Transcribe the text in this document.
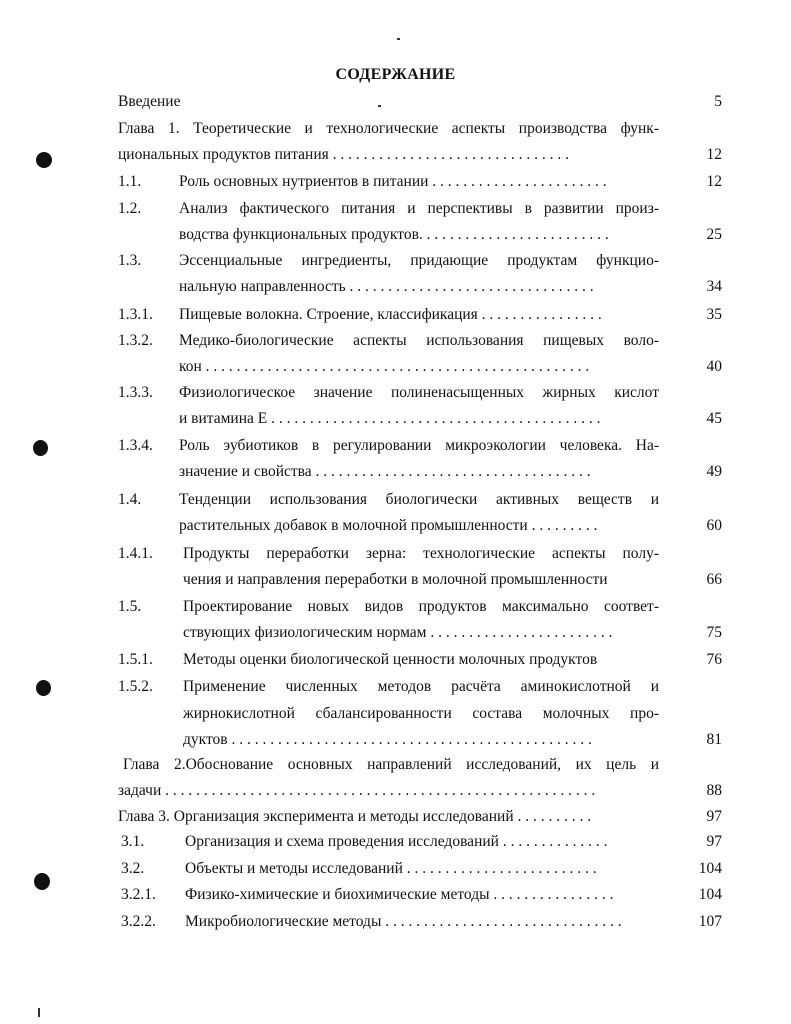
СОДЕРЖАНИЕ
Введение	5
Глава 1. Теоретические и технологические аспекты производства функ-
циональных продуктов питания . . . . . . . . . . . . . . . . . . . . . . . . . . . . . . .	12
1.1. Роль основных нутриентов в питании . . . . . . . . . . . . . . . . . . . . . . .	12
1.2. Анализ фактического питания и перспективы в развитии произ-
водства функциональных продуктов. . . . . . . . . . . . . . . . . . . . . . . . .	25
1.3. Эссенциальные ингредиенты, придающие продуктам функцио-
нальную направленность . . . . . . . . . . . . . . . . . . . . . . . . . . . . . . . .	34
1.3.1. Пищевые волокна. Строение, классификация . . . . . . . . . . . . . . . .	35
1.3.2. Медико-биологические аспекты использования пищевых воло-
кон . . . . . . . . . . . . . . . . . . . . . . . . . . . . . . . . . . . . . . . . . . . . . . . . . .	40
1.3.3. Физиологическое значение полиненасыщенных жирных кислот
и витамина Е . . . . . . . . . . . . . . . . . . . . . . . . . . . . . . . . . . . . . . . . . . .	45
1.3.4. Роль эубиотиков в регулировании микроэкологии человека. На-
значение и свойства . . . . . . . . . . . . . . . . . . . . . . . . . . . . . . . . . . . .	49
1.4. Тенденции использования биологически активных веществ и
растительных добавок в молочной промышленности . . . . . . . . .	60
1.4.1. Продукты переработки зерна: технологические аспекты полу-
чения и направления переработки в молочной промышленности	66
1.5.	Проектирование новых видов продуктов максимально соответ-
ствующих физиологическим нормам . . . . . . . . . . . . . . . . . . . . . . . .	75
1.5.1. Методы оценки биологической ценности молочных продуктов	76
1.5.2. Применение численных методов расчёта аминокислотной и
жирнокислотной сбалансированности состава молочных про-
дуктов . . . . . . . . . . . . . . . . . . . . . . . . . . . . . . . . . . . . . . . . . . . . . . .	81
Глава 2.Обоснование основных направлений исследований, их цель и
задачи . . . . . . . . . . . . . . . . . . . . . . . . . . . . . . . . . . . . . . . . . . . . . . . . . . . . . . . .	88
Глава 3. Организация эксперимента и методы исследований . . . . . . . . . .	97
3.1.	Организация и схема проведения исследований . . . . . . . . . . . . . .	97
3.2.	Объекты и методы исследований . . . . . . . . . . . . . . . . . . . . . . . . .	104
3.2.1. Физико-химические и биохимические методы . . . . . . . . . . . . . . . .	104
3.2.2. Микробиологические методы . . . . . . . . . . . . . . . . . . . . . . . . . . . . . . .	107
